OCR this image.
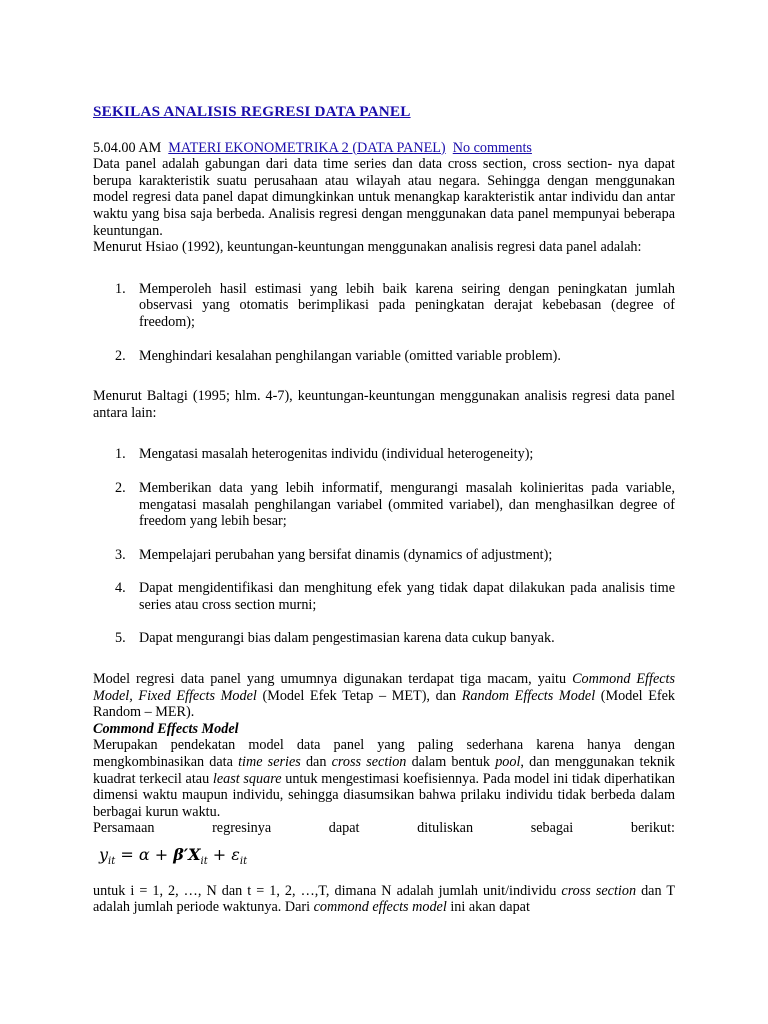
SEKILAS ANALISIS REGRESI DATA PANEL
5.04.00 AM MATERI EKONOMETRIKA 2 (DATA PANEL) No comments

Data panel adalah gabungan dari data time series dan data cross section, cross section- nya dapat berupa karakteristik suatu perusahaan atau wilayah atau negara. Sehingga dengan menggunakan model regresi data panel dapat dimungkinkan untuk menangkap karakteristik antar individu dan antar waktu yang bisa saja berbeda. Analisis regresi dengan menggunakan data panel mempunyai beberapa keuntungan.

Menurut Hsiao (1992), keuntungan-keuntungan menggunakan analisis regresi data panel adalah:

1. Memperoleh hasil estimasi yang lebih baik karena seiring dengan peningkatan jumlah observasi yang otomatis berimplikasi pada peningkatan derajat kebebasan (degree of freedom);
2. Menghindari kesalahan penghilangan variable (omitted variable problem).

Menurut Baltagi (1995; hlm. 4-7), keuntungan-keuntungan menggunakan analisis regresi data panel antara lain:

1. Mengatasi masalah heterogenitas individu (individual heterogeneity);
2. Memberikan data yang lebih informatif, mengurangi masalah kolinieritas pada variable, mengatasi masalah penghilangan variabel (ommited variabel), dan menghasilkan degree of freedom yang lebih besar;
3. Mempelajari perubahan yang bersifat dinamis (dynamics of adjustment);
4. Dapat mengidentifikasi dan menghitung efek yang tidak dapat dilakukan pada analisis time series atau cross section murni;
5. Dapat mengurangi bias dalam pengestimasian karena data cukup banyak.

Model regresi data panel yang umumnya digunakan terdapat tiga macam, yaitu Commond Effects Model, Fixed Effects Model (Model Efek Tetap – MET), dan Random Effects Model (Model Efek Random – MER).

Commond Effects Model

Merupakan pendekatan model data panel yang paling sederhana karena hanya dengan mengkombinasikan data time series dan cross section dalam bentuk pool, dan menggunakan teknik kuadrat terkecil atau least square untuk mengestimasi koefisiennya. Pada model ini tidak diperhatikan dimensi waktu maupun individu, sehingga diasumsikan bahwa prilaku individu tidak berbeda dalam berbagai kurun waktu.

Persamaan regresinya dapat dituliskan sebagai berikut:

$y_{it} = \alpha + \beta'X_{it} + \varepsilon_{it}$

untuk i = 1, 2, …, N dan t = 1, 2, …,T, dimana N adalah jumlah unit/individu cross section dan T adalah jumlah periode waktunya. Dari commond effects model ini akan dapat
